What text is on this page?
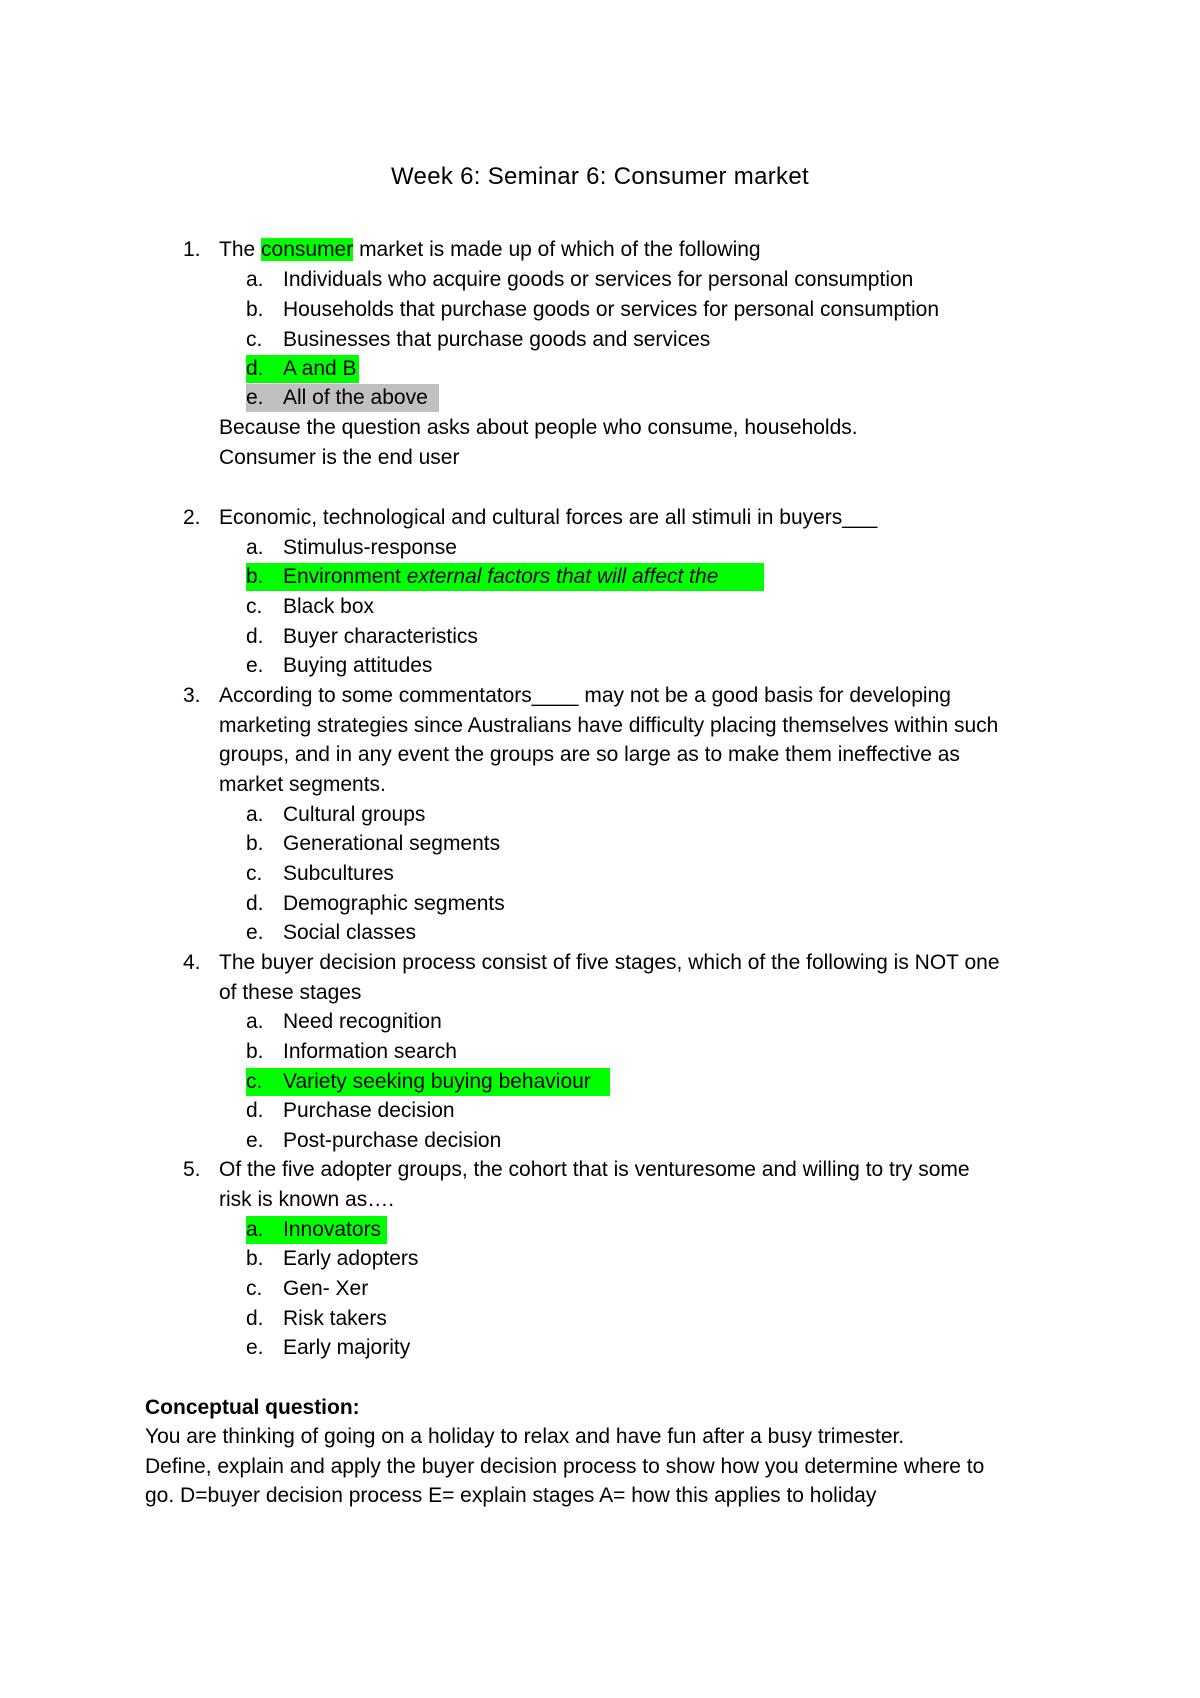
Week 6: Seminar 6: Consumer market
1. The consumer market is made up of which of the following
a. Individuals who acquire goods or services for personal consumption
b. Households that purchase goods or services for personal consumption
c. Businesses that purchase goods and services
d. A and B
e. All of the above
Because the question asks about people who consume, households.
Consumer is the end user
2. Economic, technological and cultural forces are all stimuli in buyers___
a. Stimulus-response
b. Environment external factors that will affect the
c. Black box
d. Buyer characteristics
e. Buying attitudes
3. According to some commentators____ may not be a good basis for developing
marketing strategies since Australians have difficulty placing themselves within such
groups, and in any event the groups are so large as to make them ineffective as
market segments.
a. Cultural groups
b. Generational segments
c. Subcultures
d. Demographic segments
e. Social classes
4. The buyer decision process consist of five stages, which of the following is NOT one
of these stages
a. Need recognition
b. Information search
c. Variety seeking buying behaviour
d. Purchase decision
e. Post-purchase decision
5. Of the five adopter groups, the cohort that is venturesome and willing to try some
risk is known as….
a. Innovators
b. Early adopters
c. Gen- Xer
d. Risk takers
e. Early majority
Conceptual question:
You are thinking of going on a holiday to relax and have fun after a busy trimester.
Define, explain and apply the buyer decision process to show how you determine where to
go. D=buyer decision process E= explain stages A= how this applies to holiday
